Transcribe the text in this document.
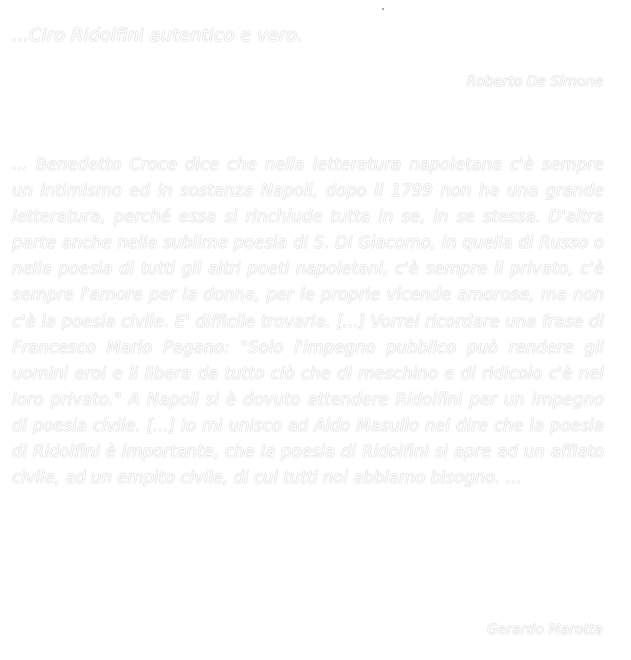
...Ciro Ridolfini autentico e vero.

Roberto De Simone

... Benedetto Croce dice che nella letteratura napoletana c'è sempre un intimismo ed in sostanza Napoli, dopo il 1799 non ha una grande letteratura, perché essa si rinchiude tutta in se, in se stessa. D'altra parte anche nella sublime poesia di S. Di Giacomo, in quella di Russo o nella poesia di tutti gli altri poeti napoletani, c'è sempre il privato, c'è sempre l'amore per la donna, per le proprie vicende amorose, ma non c'è la poesia civile. E' difficile trovarla. [...] Vorrei ricordare una frase di Francesco Mario Pagano: "Solo l'impegno pubblico può rendere gli uomini eroi e li libera da tutto ciò che di meschino e di ridicolo c'è nel loro privato." A Napoli si è dovuto attendere Ridolfini per un impegno di poesia civile. [...] Io mi unisco ad Aldo Masullo nel dire che la poesia di Ridolfini è importante, che la poesia di Ridolfini si apre ad un afflato civile, ad un empito civile, di cui tutti noi abbiamo bisogno. ...

Gerardo Marotta
